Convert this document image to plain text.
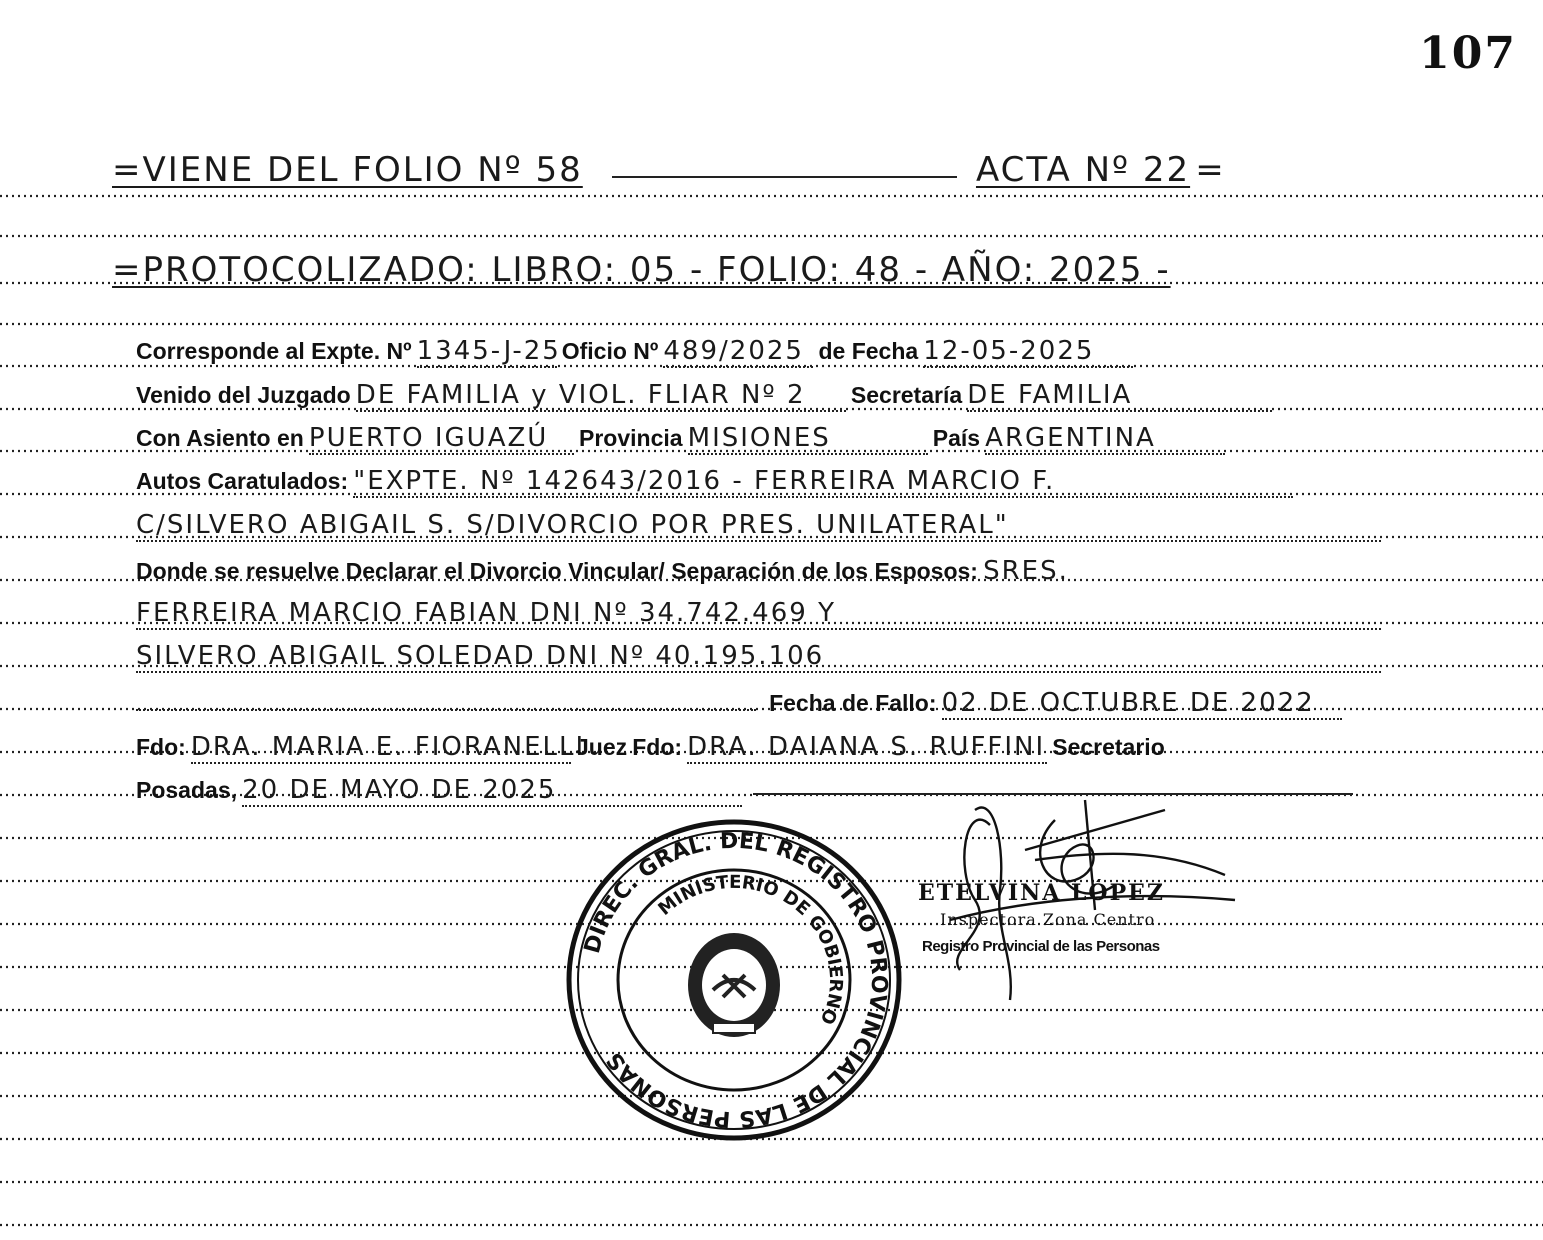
107
=VIENE DEL FOLIO Nº 58	ACTA Nº 22 =
=PROTOCOLIZADO: LIBRO: 05 - FOLIO: 48 - AÑO: 2025 -
Corresponde al Expte. Nº 1345-J-25 Oficio Nº 489/2025 de Fecha 12-05-2025
Venido del Juzgado DE FAMILIA y VIOL. FLIAR Nº 2 Secretaría DE FAMILIA
Con Asiento en PUERTO IGUAZÚ Provincia MISIONES	País ARGENTINA
Autos Caratulados: "EXPTE. Nº 142643/2016 - FERREIRA MARCIO F.
C/SILVERO ABIGAIL S. S/DIVORCIO POR PRES. UNILATERAL"
Donde se resuelve Declarar el Divorcio Vincular/ Separación de los Esposos: SRES.
FERREIRA MARCIO FABIAN DNI Nº 34.742.469 Y
SILVERO ABIGAIL SOLEDAD DNI Nº 40.195.106
Fecha de Fallo: 02 DE OCTUBRE DE 2022
Fdo: DRA. MARIA E. FIORANELLI Juez Fdo: DRA. DAIANA S. RUFFINI Secretario
Posadas, 20 DE MAYO DE 2025
DIREC. GRAL. DEL REGISTRO PROVINCIAL DE LAS PERSONAS
MINISTERIO DE GOBIERNO
ETELVINA LÓPEZ
Inspectora Zona Centro
Registro Provincial de las Personas
